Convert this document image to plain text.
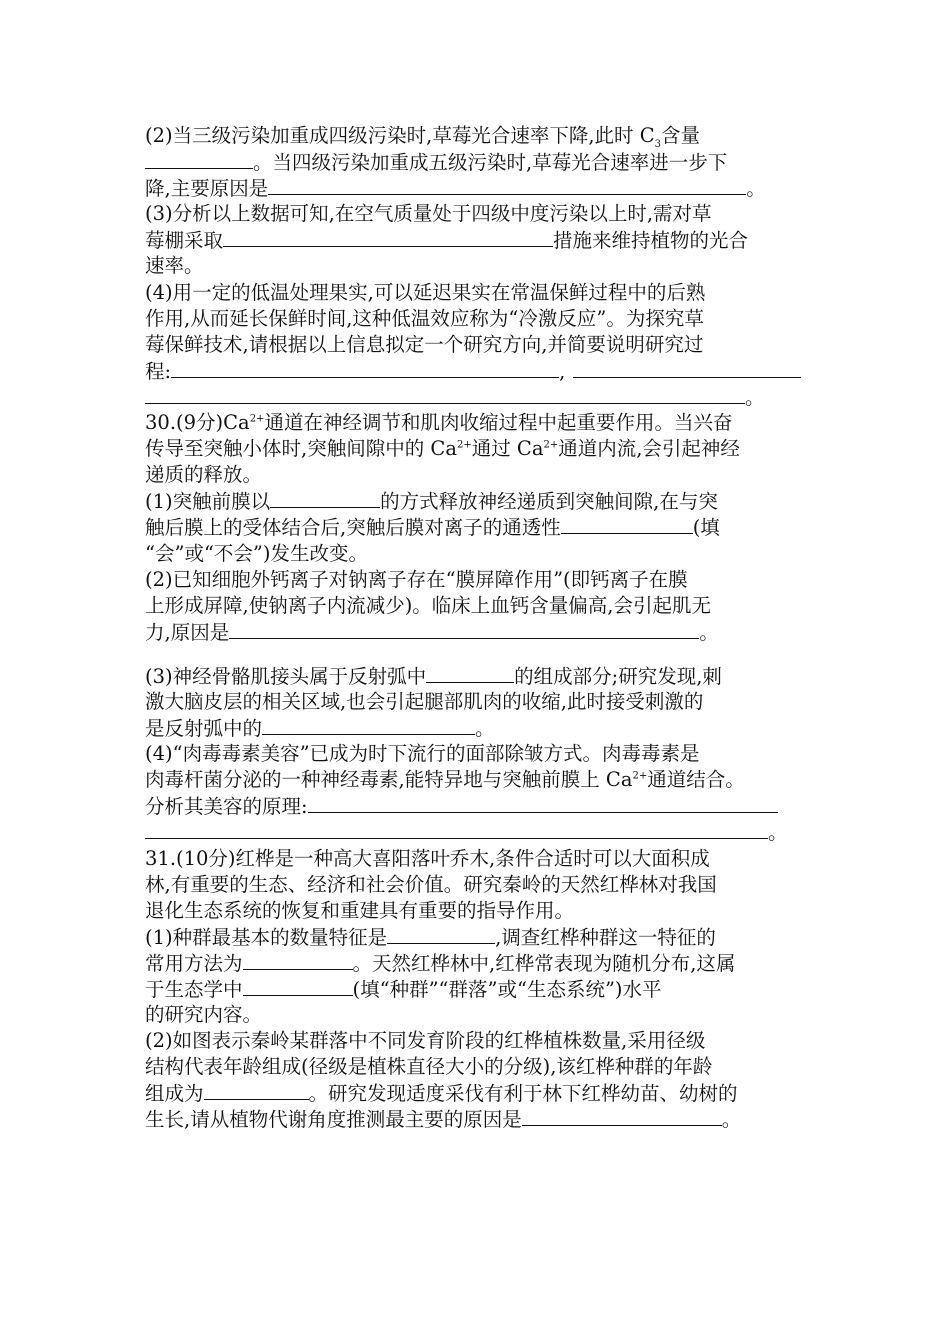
(2)当三级污染加重成四级污染时,草莓光合速率下降,此时 $C_3$含量
。当四级污染加重成五级污染时,草莓光合速率进一步下
降,主要原因是	。
(3)分析以上数据可知,在空气质量处于四级中度污染以上时,需对草
莓棚采取	措施来维持植物的光合
速率。
(4)用一定的低温处理果实,可以延迟果实在常温保鲜过程中的后熟
作用,从而延长保鲜时间,这种低温效应称为“冷激反应”。为探究草
莓保鲜技术,请根据以上信息拟定一个研究方向,并简要说明研究过
程:	,
。
30.(9分)$Ca^{2+}$通道在神经调节和肌肉收缩过程中起重要作用。当兴奋
传导至突触小体时,突触间隙中的 $Ca^{2+}$通过 $Ca^{2+}$通道内流,会引起神经
递质的释放。
(1)突触前膜以	的方式释放神经递质到突触间隙,在与突
触后膜上的受体结合后,突触后膜对离子的通透性	(填
“会”或“不会”)发生改变。
(2)已知细胞外钙离子对钠离子存在“膜屏障作用”(即钙离子在膜
上形成屏障,使钠离子内流减少)。临床上血钙含量偏高,会引起肌无
力,原因是	。
(3)神经骨骼肌接头属于反射弧中	的组成部分;研究发现,刺
激大脑皮层的相关区域,也会引起腿部肌肉的收缩,此时接受刺激的
是反射弧中的	。
(4)“肉毒毒素美容”已成为时下流行的面部除皱方式。肉毒毒素是
肉毒杆菌分泌的一种神经毒素,能特异地与突触前膜上 $Ca^{2+}$通道结合。
分析其美容的原理:
。
31.(10分)红桦是一种高大喜阳落叶乔木,条件合适时可以大面积成
林,有重要的生态、经济和社会价值。研究秦岭的天然红桦林对我国
退化生态系统的恢复和重建具有重要的指导作用。
(1)种群最基本的数量特征是	,调查红桦种群这一特征的
常用方法为	。天然红桦林中,红桦常表现为随机分布,这属
于生态学中	(填“种群”“群落”或“生态系统”)水平
的研究内容。
(2)如图表示秦岭某群落中不同发育阶段的红桦植株数量,采用径级
结构代表年龄组成(径级是植株直径大小的分级),该红桦种群的年龄
组成为	。研究发现适度采伐有利于林下红桦幼苗、幼树的
生长,请从植物代谢角度推测最主要的原因是	。
